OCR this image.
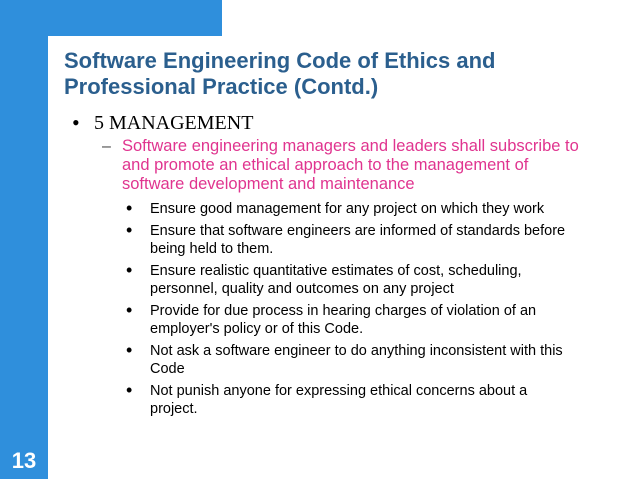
13
Software Engineering Code of Ethics and
Professional Practice (Contd.)
• 5 MANAGEMENT
– Software engineering managers and leaders shall subscribe to
and promote an ethical approach to the management of
software development and maintenance
• Ensure good management for any project on which they work
• Ensure that software engineers are informed of standards before
being held to them.
• Ensure realistic quantitative estimates of cost, scheduling,
personnel, quality and outcomes on any project
• Provide for due process in hearing charges of violation of an
employer's policy or of this Code.
• Not ask a software engineer to do anything inconsistent with this
Code
• Not punish anyone for expressing ethical concerns about a
project.
